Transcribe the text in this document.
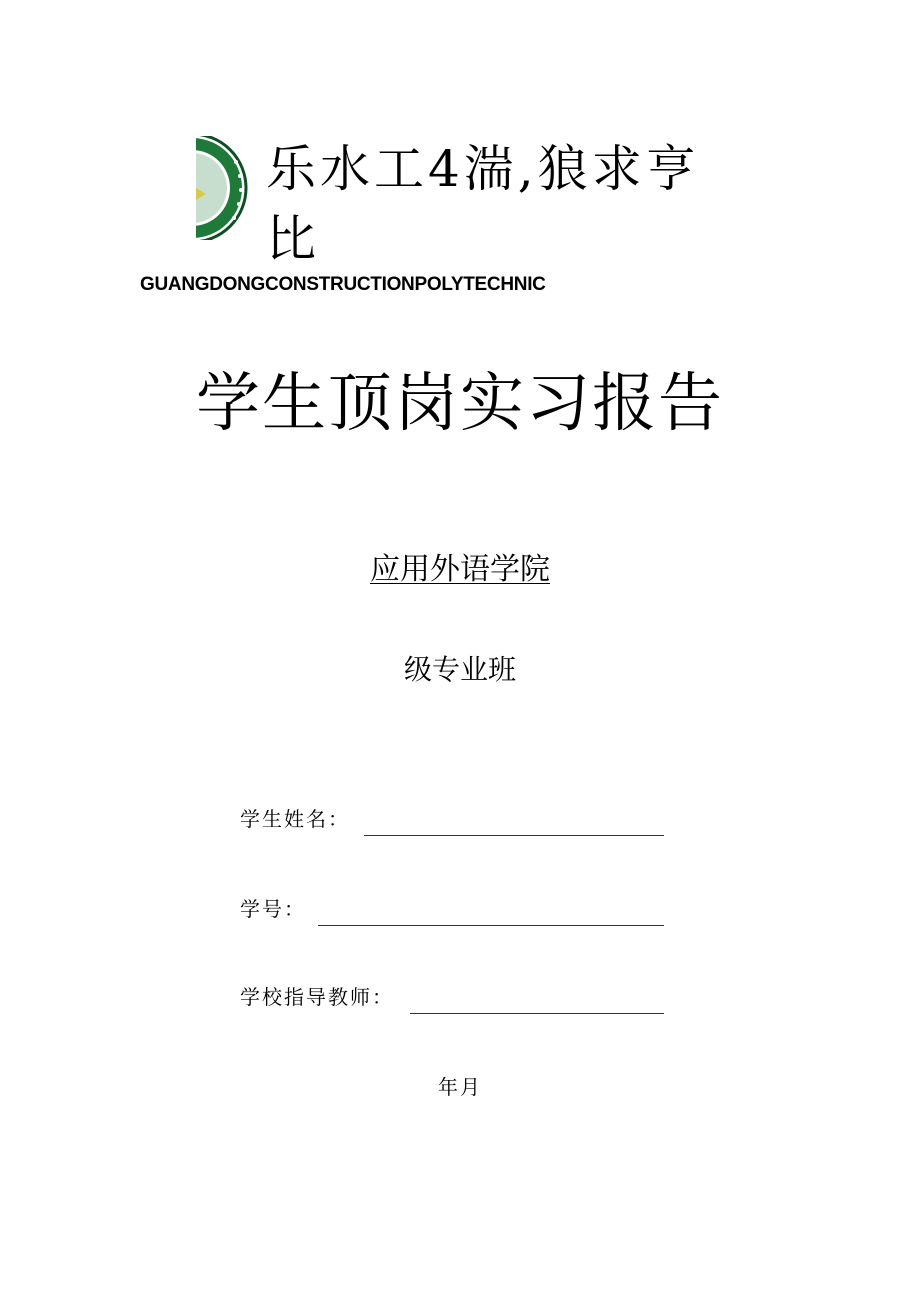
乐水工4湍,狼求亨
比
GUANGDONGCONSTRUCTIONPOLYTECHNIC
学生顶岗实习报告
应用外语学院
级专业班
学生姓名：
学号：
学校指导教师：
年月
